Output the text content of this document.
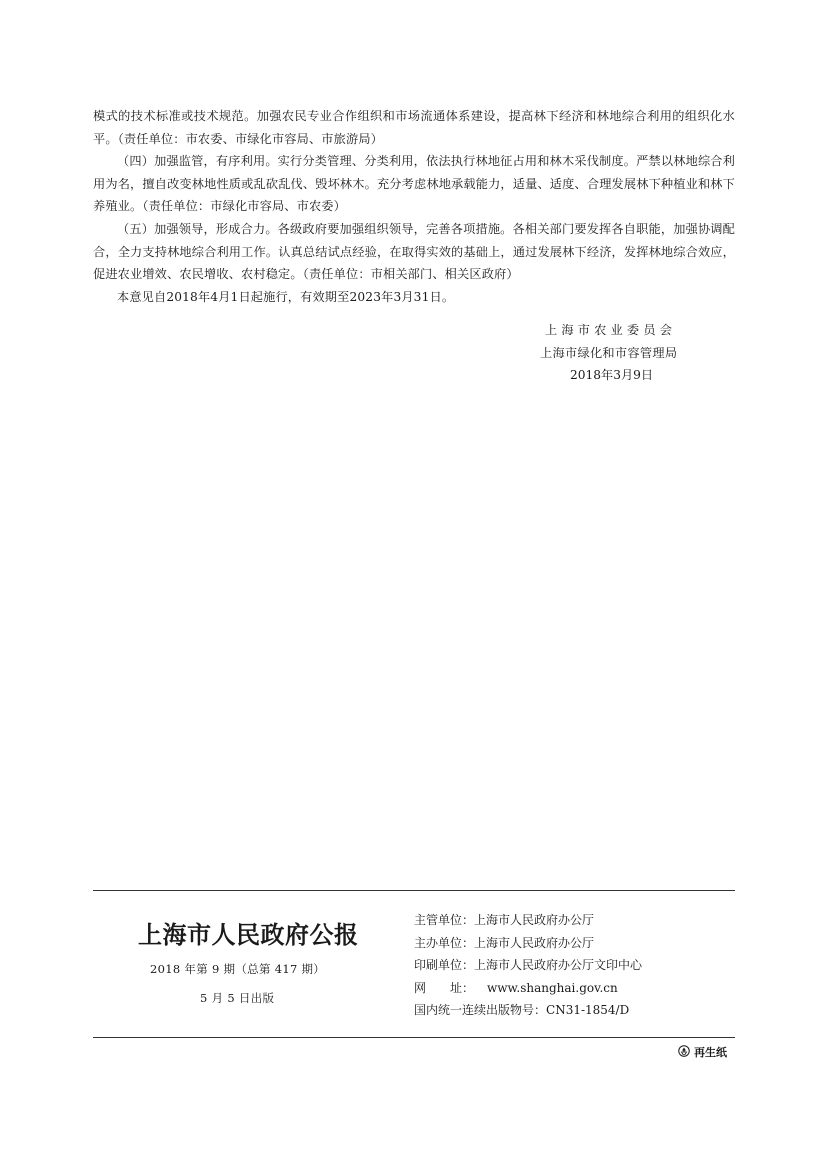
模式的技术标准或技术规范。加强农民专业合作组织和市场流通体系建设，提高林下经济和林地综合利用的组织化水平。（责任单位：市农委、市绿化市容局、市旅游局）

（四）加强监管，有序利用。实行分类管理、分类利用，依法执行林地征占用和林木采伐制度。严禁以林地综合利用为名，擅自改变林地性质或乱砍乱伐、毁坏林木。充分考虑林地承载能力，适量、适度、合理发展林下种植业和林下养殖业。（责任单位：市绿化市容局、市农委）

（五）加强领导，形成合力。各级政府要加强组织领导，完善各项措施。各相关部门要发挥各自职能，加强协调配合，全力支持林地综合利用工作。认真总结试点经验，在取得实效的基础上，通过发展林下经济，发挥林地综合效应，促进农业增效、农民增收、农村稳定。（责任单位：市相关部门、相关区政府）

本意见自2018年4月1日起施行，有效期至2023年3月31日。

上海市农业委员会
上海市绿化和市容管理局
2018年3月9日
上海市人民政府公报
2018 年第 9 期（总第 417 期）
5 月 5 日出版
主管单位： 上海市人民政府办公厅
主办单位： 上海市人民政府办公厅
印刷单位： 上海市人民政府办公厅文印中心
网　　址：	www.shanghai.gov.cn
国内统一连续出版物号： CN31-1854/D
再生纸
